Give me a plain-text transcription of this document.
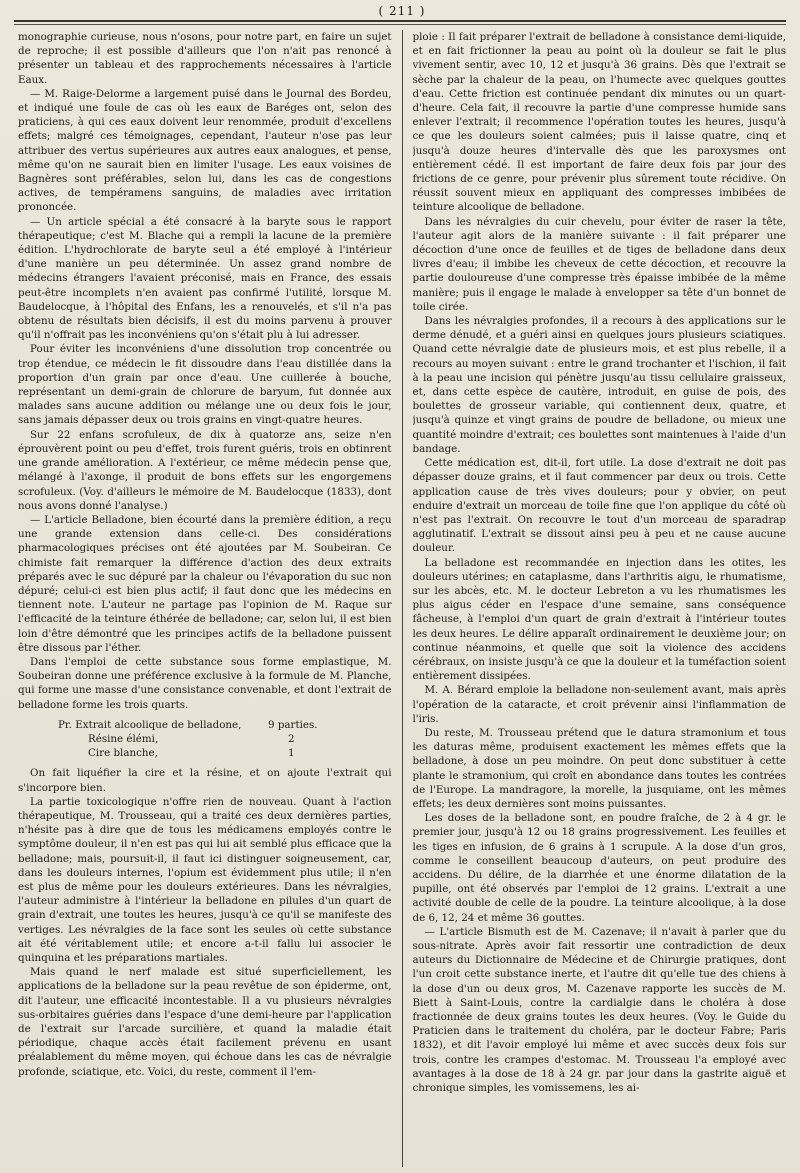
( 211 )

monographie curieuse, nous n'osons, pour notre part, en faire un sujet de reproche; il est possible d'ailleurs que l'on n'ait pas renoncé à présenter un tableau et des rapprochements nécessaires à l'article Eaux.

— M. Raige-Delorme a largement puisé dans le Journal des Bordeu, et indiqué une foule de cas où les eaux de Baréges ont, selon des praticiens, à qui ces eaux doivent leur renommée, produit d'excellens effets; malgré ces témoignages, cependant, l'auteur n'ose pas leur attribuer des vertus supérieures aux autres eaux analogues, et pense, même qu'on ne saurait bien en limiter l'usage. Les eaux voisines de Bagnères sont préférables, selon lui, dans les cas de congestions actives, de tempéramens sanguins, de maladies avec irritation prononcée.

— Un article spécial a été consacré à la baryte sous le rapport thérapeutique; c'est M. Blache qui a rempli la lacune de la première édition. L'hydrochlorate de baryte seul a été employé à l'intérieur d'une manière un peu déterminée. Un assez grand nombre de médecins étrangers l'avaient préconisé, mais en France, des essais peut-être incomplets n'en avaient pas confirmé l'utilité, lorsque M. Baudelocque, à l'hôpital des Enfans, les a renouvelés, et s'il n'a pas obtenu de résultats bien décisifs, il est du moins parvenu à prouver qu'il n'offrait pas les inconvéniens qu'on s'était plu à lui adresser.

Pour éviter les inconvéniens d'une dissolution trop concentrée ou trop étendue, ce médecin le fit dissoudre dans l'eau distillée dans la proportion d'un grain par once d'eau. Une cuillerée à bouche, représentant un demi-grain de chlorure de baryum, fut donnée aux malades sans aucune addition ou mélange une ou deux fois le jour, sans jamais dépasser deux ou trois grains en vingt-quatre heures.

Sur 22 enfans scrofuleux, de dix à quatorze ans, seize n'en éprouvèrent point ou peu d'effet, trois furent guéris, trois en obtinrent une grande amélioration. A l'extérieur, ce même médecin pense que, mélangé à l'axonge, il produit de bons effets sur les engorgemens scrofuleux. (Voy. d'ailleurs le mémoire de M. Baudelocque (1833), dont nous avons donné l'analyse.)

— L'article Belladone, bien écourté dans la première édition, a reçu une grande extension dans celle-ci. Des considérations pharmacologiques précises ont été ajoutées par M. Soubeiran. Ce chimiste fait remarquer la différence d'action des deux extraits préparés avec le suc dépuré par la chaleur ou l'évaporation du suc non dépuré; celui-ci est bien plus actif; il faut donc que les médecins en tiennent note. L'auteur ne partage pas l'opinion de M. Raque sur l'efficacité de la teinture éthérée de belladone; car, selon lui, il est bien loin d'être démontré que les principes actifs de la belladone puissent être dissous par l'éther.

Dans l'emploi de cette substance sous forme emplastique, M. Soubeiran donne une préférence exclusive à la formule de M. Planche, qui forme une masse d'une consistance convenable, et dont l'extrait de belladone forme les trois quarts.

Pr. Extrait alcoolique de belladone,	9 parties.
Résine élémi,	2
Cire blanche,	1

On fait liquéfier la cire et la résine, et on ajoute l'extrait qui s'incorpore bien.

La partie toxicologique n'offre rien de nouveau. Quant à l'action thérapeutique, M. Trousseau, qui a traité ces deux dernières parties, n'hésite pas à dire que de tous les médicamens employés contre le symptôme douleur, il n'en est pas qui lui ait semblé plus efficace que la belladone; mais, poursuit-il, il faut ici distinguer soigneusement, car, dans les douleurs internes, l'opium est évidemment plus utile; il n'en est plus de même pour les douleurs extérieures. Dans les névralgies, l'auteur administre à l'intérieur la belladone en pilules d'un quart de grain d'extrait, une toutes les heures, jusqu'à ce qu'il se manifeste des vertiges. Les névralgies de la face sont les seules où cette substance ait été véritablement utile; et encore a-t-il fallu lui associer le quinquina et les préparations martiales.

Mais quand le nerf malade est situé superficiellement, les applications de la belladone sur la peau revêtue de son épiderme, ont, dit l'auteur, une efficacité incontestable. Il a vu plusieurs névralgies sus-orbitaires guéries dans l'espace d'une demi-heure par l'application de l'extrait sur l'arcade surcilière, et quand la maladie était périodique, chaque accès était facilement prévenu en usant préalablement du même moyen, qui échoue dans les cas de névralgie profonde, sciatique, etc. Voici, du reste, comment il l'em-

ploie : Il fait préparer l'extrait de belladone à consistance demi-liquide, et en fait frictionner la peau au point où la douleur se fait le plus vivement sentir, avec 10, 12 et jusqu'à 36 grains. Dès que l'extrait se sèche par la chaleur de la peau, on l'humecte avec quelques gouttes d'eau. Cette friction est continuée pendant dix minutes ou un quart-d'heure. Cela fait, il recouvre la partie d'une compresse humide sans enlever l'extrait; il recommence l'opération toutes les heures, jusqu'à ce que les douleurs soient calmées; puis il laisse quatre, cinq et jusqu'à douze heures d'intervalle dès que les paroxysmes ont entièrement cédé. Il est important de faire deux fois par jour des frictions de ce genre, pour prévenir plus sûrement toute récidive. On réussit souvent mieux en appliquant des compresses imbibées de teinture alcoolique de belladone.

Dans les névralgies du cuir chevelu, pour éviter de raser la tête, l'auteur agit alors de la manière suivante : il fait préparer une décoction d'une once de feuilles et de tiges de belladone dans deux livres d'eau; il imbibe les cheveux de cette décoction, et recouvre la partie douloureuse d'une compresse très épaisse imbibée de la même manière; puis il engage le malade à envelopper sa tête d'un bonnet de toile cirée.

Dans les névralgies profondes, il a recours à des applications sur le derme dénudé, et a guéri ainsi en quelques jours plusieurs sciatiques. Quand cette névralgie date de plusieurs mois, et est plus rebelle, il a recours au moyen suivant : entre le grand trochanter et l'ischion, il fait à la peau une incision qui pénètre jusqu'au tissu cellulaire graisseux, et, dans cette espèce de cautère, introduit, en guise de pois, des boulettes de grosseur variable, qui contiennent deux, quatre, et jusqu'à quinze et vingt grains de poudre de belladone, ou mieux une quantité moindre d'extrait; ces boulettes sont maintenues à l'aide d'un bandage.

Cette médication est, dit-il, fort utile. La dose d'extrait ne doit pas dépasser douze grains, et il faut commencer par deux ou trois. Cette application cause de très vives douleurs; pour y obvier, on peut enduire d'extrait un morceau de toile fine que l'on applique du côté où n'est pas l'extrait. On recouvre le tout d'un morceau de sparadrap agglutinatif. L'extrait se dissout ainsi peu à peu et ne cause aucune douleur.

La belladone est recommandée en injection dans les otites, les douleurs utérines; en cataplasme, dans l'arthritis aigu, le rhumatisme, sur les abcès, etc. M. le docteur Lebreton a vu les rhumatismes les plus aigus céder en l'espace d'une semaine, sans conséquence fâcheuse, à l'emploi d'un quart de grain d'extrait à l'intérieur toutes les deux heures. Le délire apparaît ordinairement le deuxième jour; on continue néanmoins, et quelle que soit la violence des accidens cérébraux, on insiste jusqu'à ce que la douleur et la tuméfaction soient entièrement dissipées.

M. A. Bérard emploie la belladone non-seulement avant, mais après l'opération de la cataracte, et croit prévenir ainsi l'inflammation de l'iris.

Du reste, M. Trousseau prétend que le datura stramonium et tous les daturas même, produisent exactement les mêmes effets que la belladone, à dose un peu moindre. On peut donc substituer à cette plante le stramonium, qui croît en abondance dans toutes les contrées de l'Europe. La mandragore, la morelle, la jusquiame, ont les mêmes effets; les deux dernières sont moins puissantes.

Les doses de la belladone sont, en poudre fraîche, de 2 à 4 gr. le premier jour, jusqu'à 12 ou 18 grains progressivement. Les feuilles et les tiges en infusion, de 6 grains à 1 scrupule. A la dose d'un gros, comme le conseillent beaucoup d'auteurs, on peut produire des accidens. Du délire, de la diarrhée et une énorme dilatation de la pupille, ont été observés par l'emploi de 12 grains. L'extrait a une activité double de celle de la poudre. La teinture alcoolique, à la dose de 6, 12, 24 et même 36 gouttes.

— L'article Bismuth est de M. Cazenave; il n'avait à parler que du sous-nitrate. Après avoir fait ressortir une contradiction de deux auteurs du Dictionnaire de Médecine et de Chirurgie pratiques, dont l'un croit cette substance inerte, et l'autre dit qu'elle tue des chiens à la dose d'un ou deux gros, M. Cazenave rapporte les succès de M. Biett à Saint-Louis, contre la cardialgie dans le choléra à dose fractionnée de deux grains toutes les deux heures. (Voy. le Guide du Praticien dans le traitement du choléra, par le docteur Fabre; Paris 1832), et dit l'avoir employé lui même et avec succès deux fois sur trois, contre les crampes d'estomac. M. Trousseau l'a employé avec avantages à la dose de 18 à 24 gr. par jour dans la gastrite aiguë et chronique simples, les vomissemens, les ai-
